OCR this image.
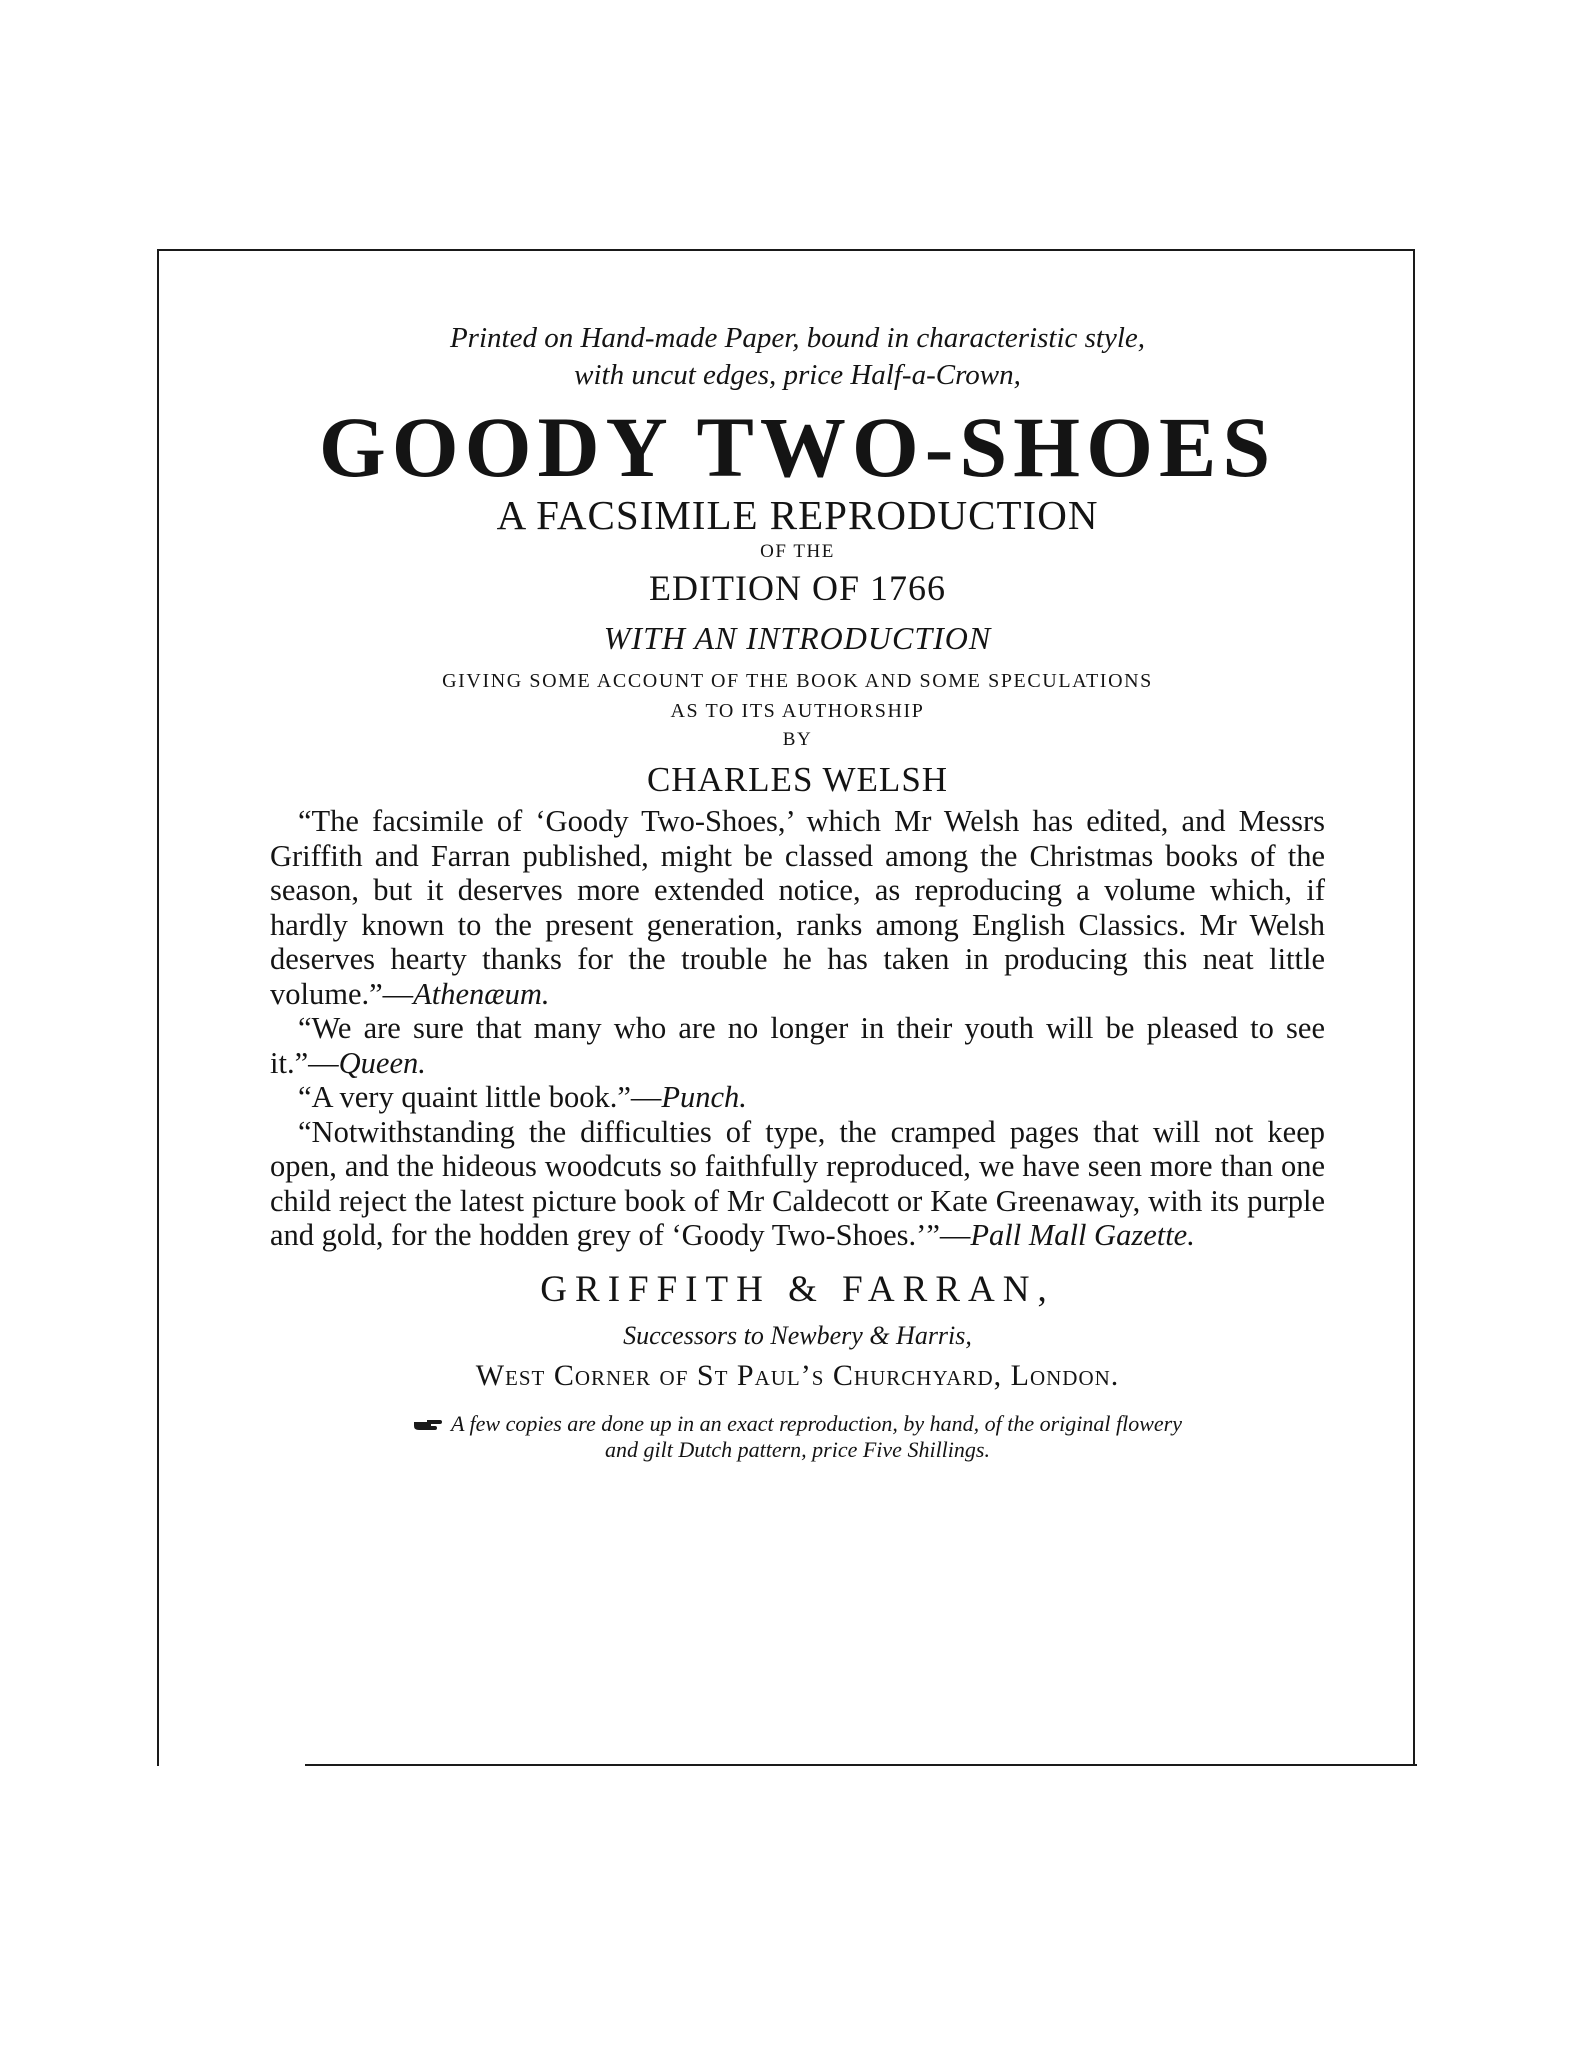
Printed on Hand-made Paper, bound in characteristic style,

with uncut edges, price Half-a-Crown,

GOODY TWO-SHOES

A FACSIMILE REPRODUCTION

OF THE

EDITION OF 1766

WITH AN INTRODUCTION

GIVING SOME ACCOUNT OF THE BOOK AND SOME SPECULATIONS

AS TO ITS AUTHORSHIP

BY

CHARLES WELSH

“The facsimile of ‘Goody Two-Shoes,’ which Mr Welsh has edited, and Messrs Griffith and Farran published, might be classed among the Christmas books of the season, but it deserves more extended notice, as reproducing a volume which, if hardly known to the present generation, ranks among English Classics. Mr Welsh deserves hearty thanks for the trouble he has taken in producing this neat little volume.”—Athenæum.

“We are sure that many who are no longer in their youth will be pleased to see it.”—Queen.

“A very quaint little book.”—Punch.

“Notwithstanding the difficulties of type, the cramped pages that will not keep open, and the hideous woodcuts so faithfully reproduced, we have seen more than one child reject the latest picture book of Mr Caldecott or Kate Greenaway, with its purple and gold, for the hodden grey of ‘Goody Two-Shoes.’”—Pall Mall Gazette.

GRIFFITH & FARRAN,

Successors to Newbery & Harris,

West Corner of St Paul’s Churchyard, London.

A few copies are done up in an exact reproduction, by hand, of the original flowery
and gilt Dutch pattern, price Five Shillings.
